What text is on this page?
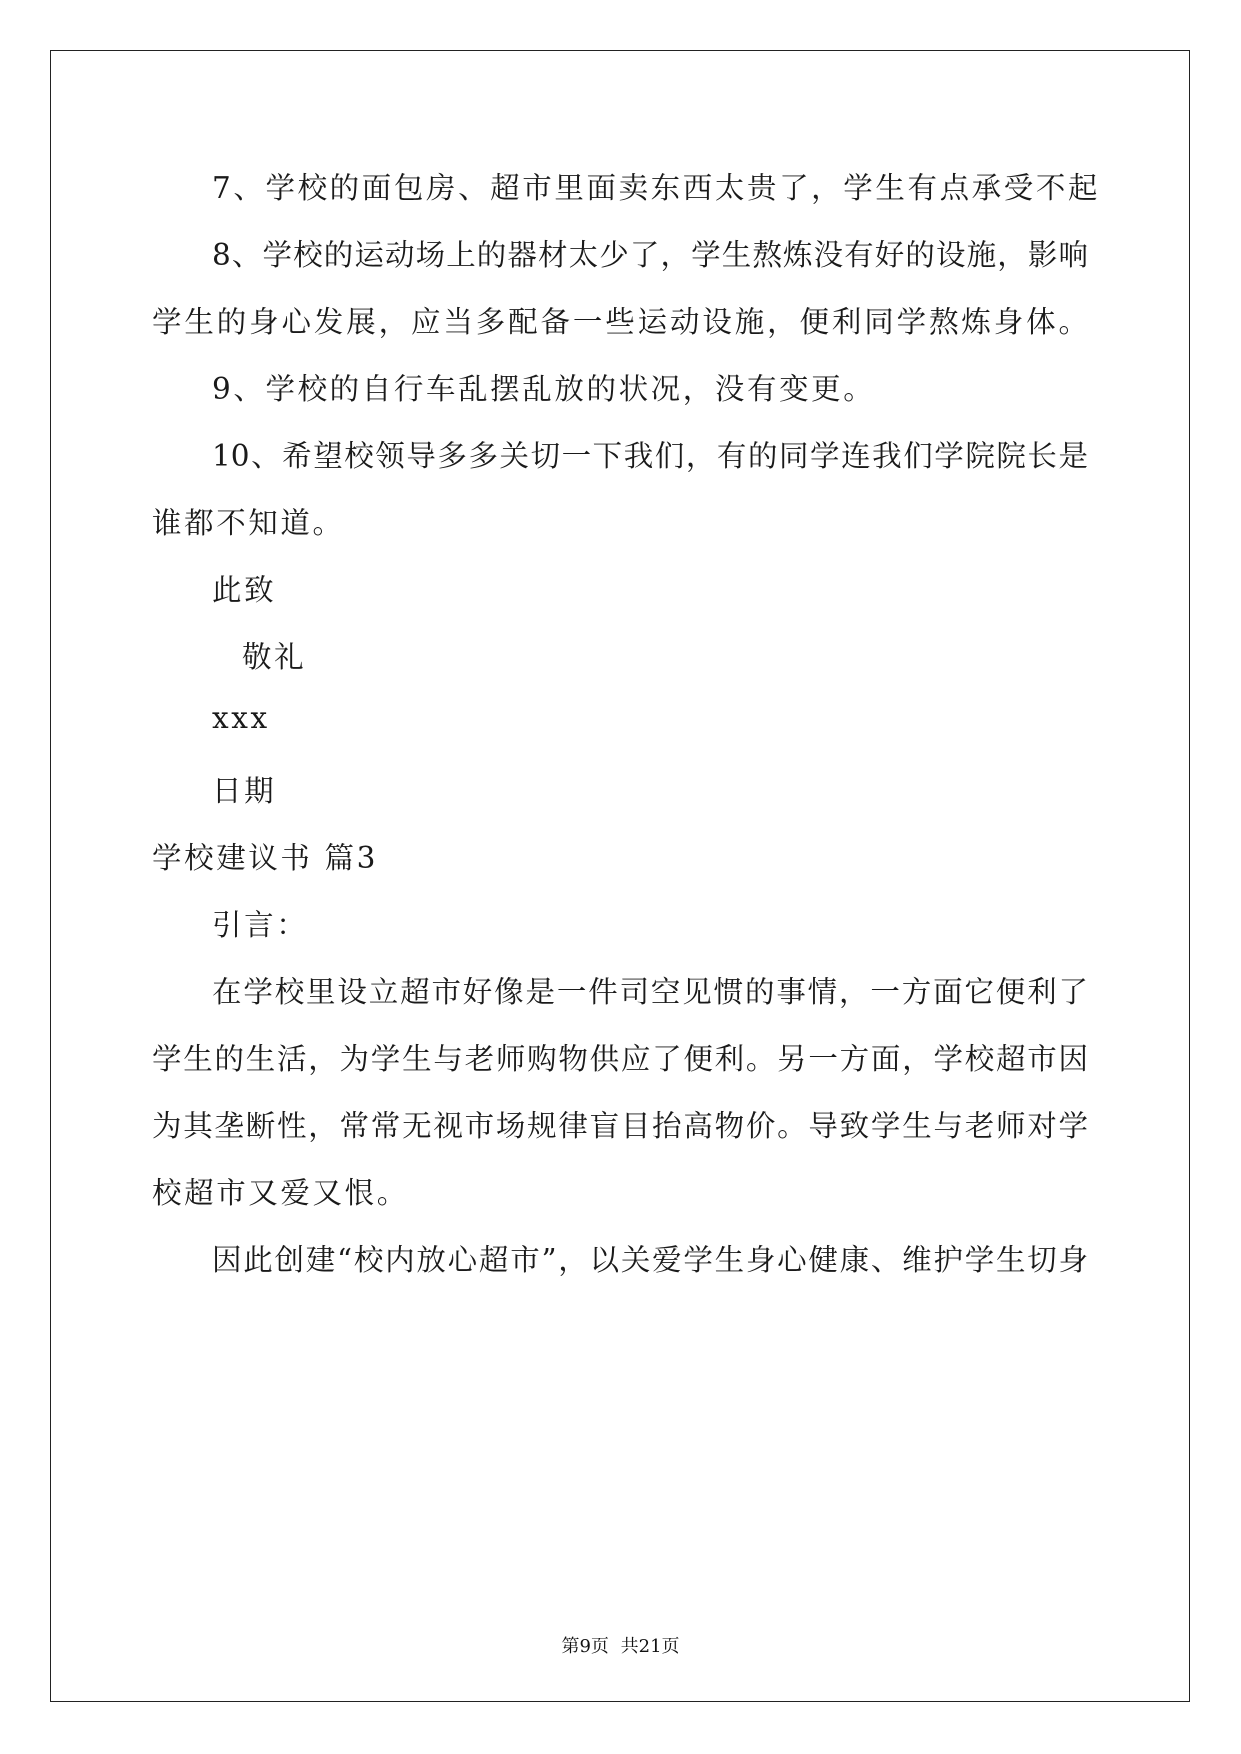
7、学校的面包房、超市里面卖东西太贵了，学生有点承受不起
8、学校的运动场上的器材太少了，学生熬炼没有好的设施，影响
学生的身心发展，应当多配备一些运动设施，便利同学熬炼身体。
9、学校的自行车乱摆乱放的状况，没有变更。
10、希望校领导多多关切一下我们，有的同学连我们学院院长是
谁都不知道。
此致
敬礼
xxx
日期
学校建议书 篇3
引言：
在学校里设立超市好像是一件司空见惯的事情，一方面它便利了
学生的生活，为学生与老师购物供应了便利。另一方面，学校超市因
为其垄断性，常常无视市场规律盲目抬高物价。导致学生与老师对学
校超市又爱又恨。
因此创建“校内放心超市”，以关爱学生身心健康、维护学生切身
第9页 共21页
